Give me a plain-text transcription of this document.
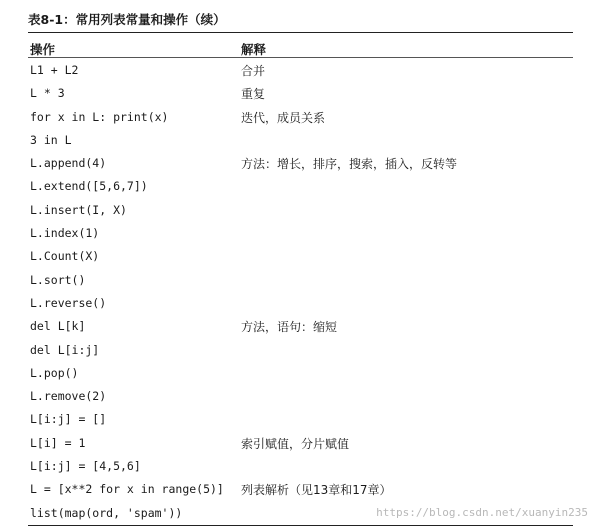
表8-1：常用列表常量和操作（续）
操作	解释
L1 + L2	合并
L * 3	重复
for x in L: print(x)	迭代，成员关系
3 in L
L.append(4)	方法：增长，排序，搜索，插入，反转等
L.extend([5,6,7])
L.insert(I, X)
L.index(1)
L.Count(X)
L.sort()
L.reverse()
del L[k]	方法，语句：缩短
del L[i:j]
L.pop()
L.remove(2)
L[i:j] = []
L[i] = 1	索引赋值，分片赋值
L[i:j] = [4,5,6]
L = [x**2 for x in range(5)] 列表解析（见13章和17章）
list(map(ord, 'spam'))	https://blog.csdn.net/xuanyin235
